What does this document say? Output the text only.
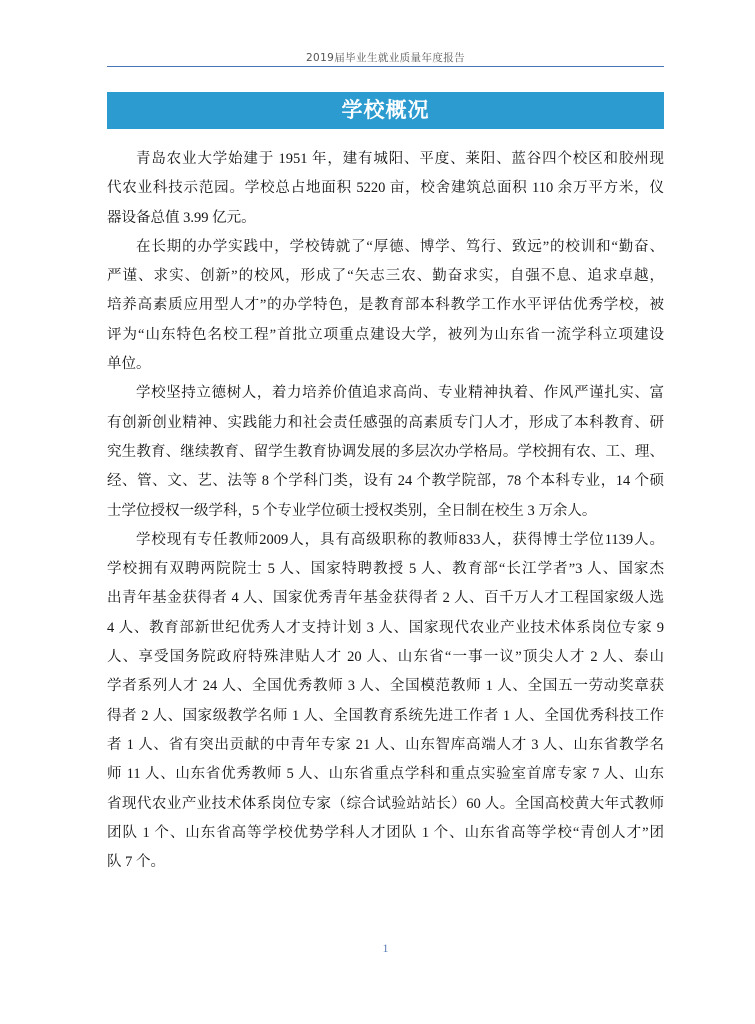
2019届毕业生就业质量年度报告
学校概况
青岛农业大学始建于 1951 年，建有城阳、平度、莱阳、蓝谷四个校区和胶州现
代农业科技示范园。学校总占地面积 5220 亩，校舍建筑总面积 110 余万平方米，仪
器设备总值 3.99 亿元。
在长期的办学实践中，学校铸就了“厚德、博学、笃行、致远”的校训和“勤奋、
严谨、求实、创新”的校风，形成了“矢志三农、勤奋求实，自强不息、追求卓越，
培养高素质应用型人才”的办学特色，是教育部本科教学工作水平评估优秀学校，被
评为“山东特色名校工程”首批立项重点建设大学，被列为山东省一流学科立项建设
单位。
学校坚持立德树人，着力培养价值追求高尚、专业精神执着、作风严谨扎实、富
有创新创业精神、实践能力和社会责任感强的高素质专门人才，形成了本科教育、研
究生教育、继续教育、留学生教育协调发展的多层次办学格局。学校拥有农、工、理、
经、管、文、艺、法等 8 个学科门类，设有 24 个教学院部，78 个本科专业，14 个硕
士学位授权一级学科，5 个专业学位硕士授权类别，全日制在校生 3 万余人。
学校现有专任教师2009人，具有高级职称的教师833人，获得博士学位1139人。
学校拥有双聘两院院士 5 人、国家特聘教授 5 人、教育部“长江学者”3 人、国家杰
出青年基金获得者 4 人、国家优秀青年基金获得者 2 人、百千万人才工程国家级人选
4 人、教育部新世纪优秀人才支持计划 3 人、国家现代农业产业技术体系岗位专家 9
人、享受国务院政府特殊津贴人才 20 人、山东省“一事一议”顶尖人才 2 人、泰山
学者系列人才 24 人、全国优秀教师 3 人、全国模范教师 1 人、全国五一劳动奖章获
得者 2 人、国家级教学名师 1 人、全国教育系统先进工作者 1 人、全国优秀科技工作
者 1 人、省有突出贡献的中青年专家 21 人、山东智库高端人才 3 人、山东省教学名
师 11 人、山东省优秀教师 5 人、山东省重点学科和重点实验室首席专家 7 人、山东
省现代农业产业技术体系岗位专家（综合试验站站长）60 人。全国高校黄大年式教师
团队 1 个、山东省高等学校优势学科人才团队 1 个、山东省高等学校“青创人才”团
队 7 个。
1
